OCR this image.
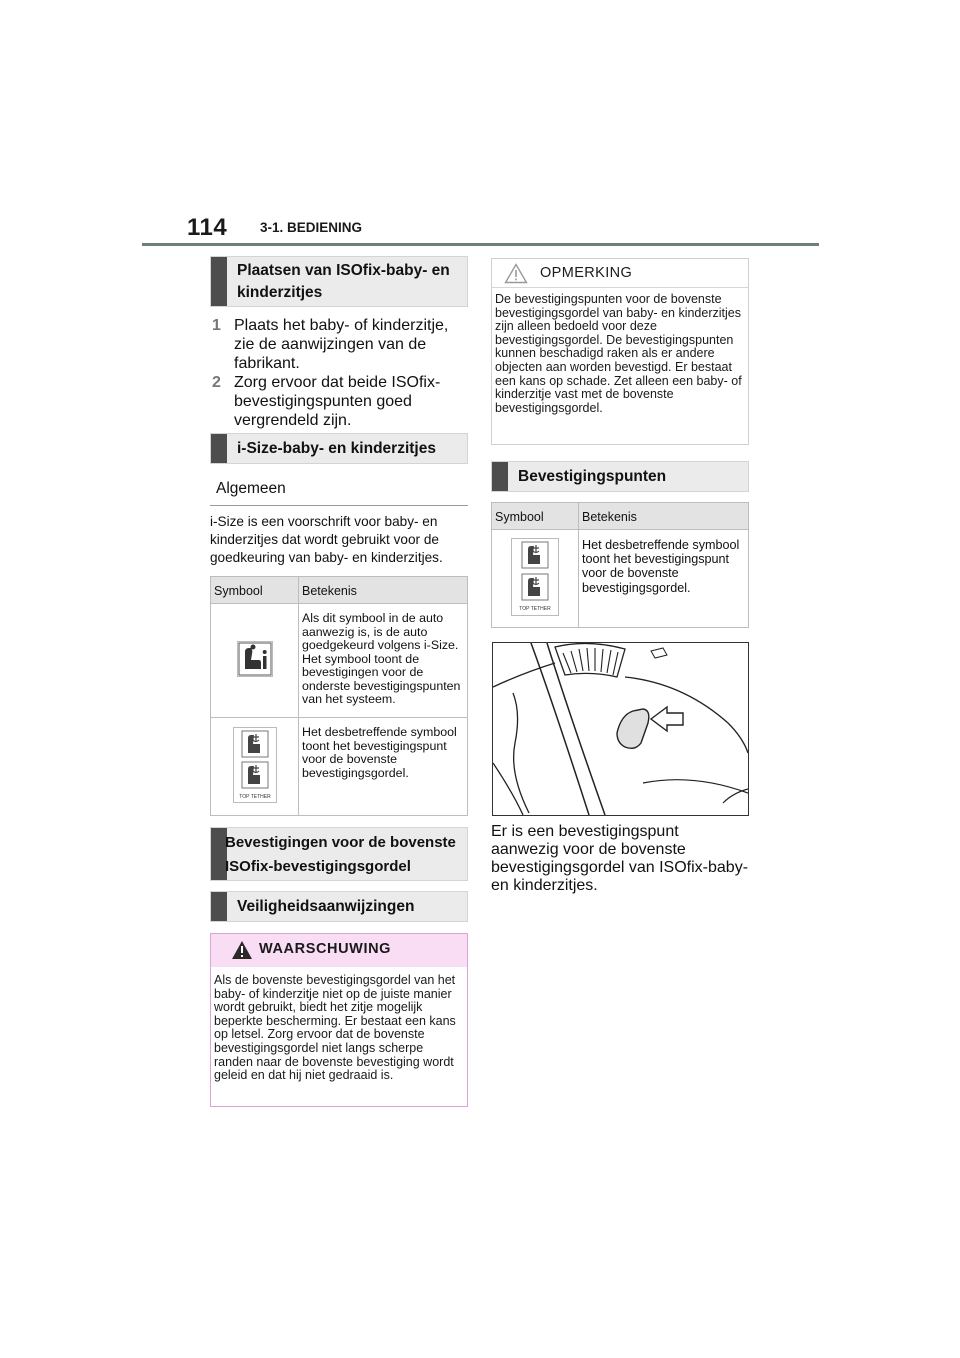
114 3-1. BEDIENING
Plaatsen van ISOfix-baby- en kinderzitjes
1 Plaats het baby- of kinderzitje, zie de aanwijzingen van de fabrikant.
2 Zorg ervoor dat beide ISOfix-bevestigingspunten goed vergrendeld zijn.
i-Size-baby- en kinderzitjes
Algemeen
i-Size is een voorschrift voor baby- en kinderzitjes dat wordt gebruikt voor de goedkeuring van baby- en kinderzitjes.
Symbool	Betekenis
	Als dit symbool in de auto aanwezig is, is de auto goedgekeurd volgens i-Size. Het symbool toont de bevestigingen voor de onderste bevestigingspunten van het systeem.

TOP TETHER	Het desbetreffende symbool toont het bevestigingspunt voor de bovenste bevestigingsgordel.
Bevestigingen voor de bovenste ISOfix-bevestigingsgordel
Veiligheidsaanwijzingen
WAARSCHUWING
Als de bovenste bevestigingsgordel van het baby- of kinderzitje niet op de juiste manier wordt gebruikt, biedt het zitje mogelijk beperkte bescherming. Er bestaat een kans op letsel. Zorg ervoor dat de bovenste bevestigingsgordel niet langs scherpe randen naar de bovenste bevestiging wordt geleid en dat hij niet gedraaid is.
OPMERKING
De bevestigingspunten voor de bovenste bevestigingsgordel van baby- en kinderzitjes zijn alleen bedoeld voor deze bevestigingsgordel. De bevestigingspunten kunnen beschadigd raken als er andere objecten aan worden bevestigd. Er bestaat een kans op schade. Zet alleen een baby- of kinderzitje vast met de bovenste bevestigingsgordel.
Bevestigingspunten
Symbool	Betekenis

TOP TETHER	Het desbetreffende symbool toont het bevestigingspunt voor de bovenste bevestigingsgordel.
Er is een bevestigingspunt aanwezig voor de bovenste bevestigingsgordel van ISOfix-baby- en kinderzitjes.
